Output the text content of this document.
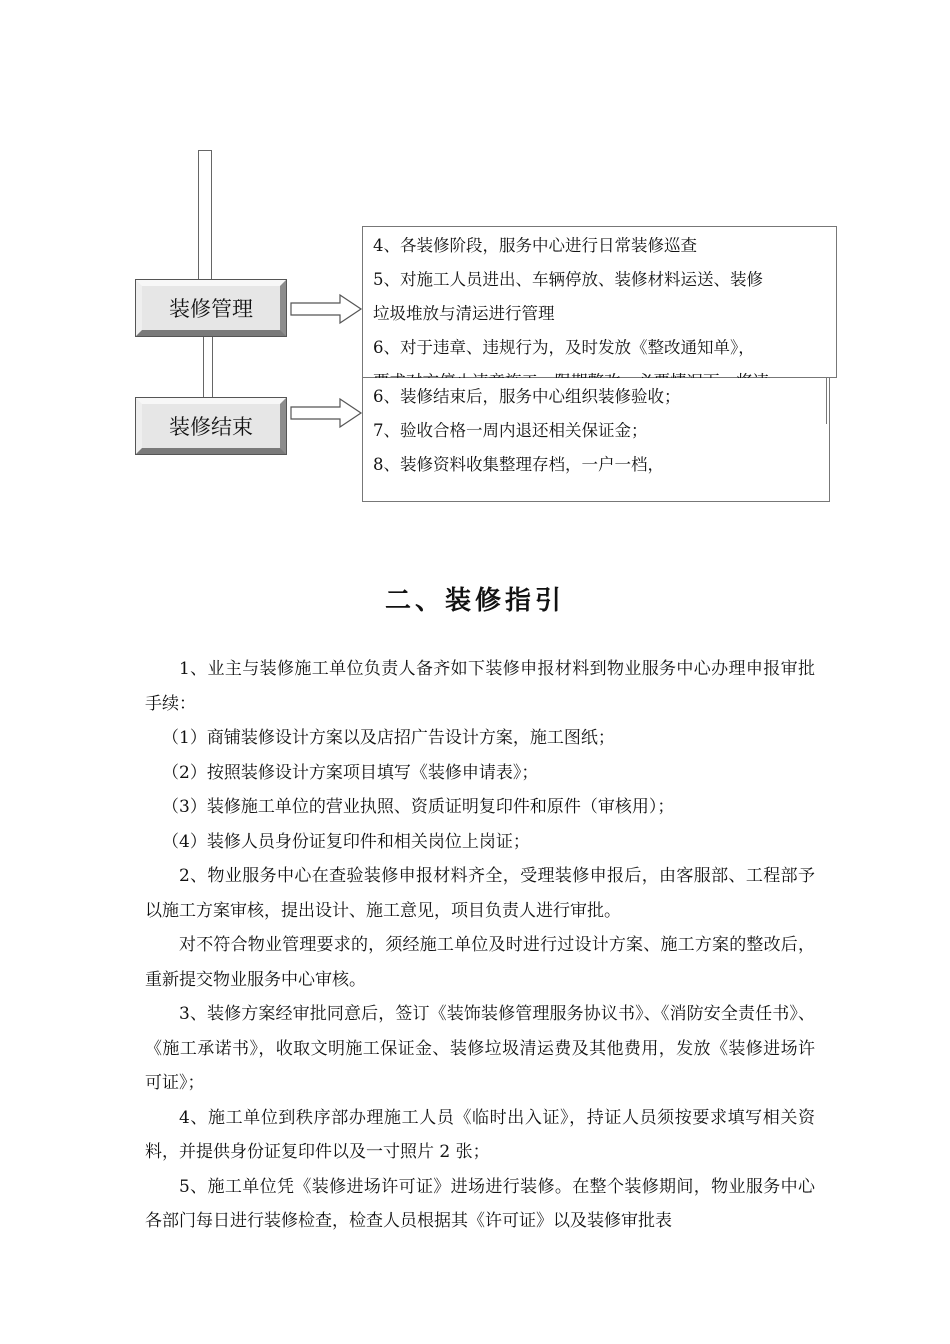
装修管理
装修结束
4、各装修阶段，服务中心进行日常装修巡查
5、对施工人员进出、车辆停放、装修材料运送、装修
垃圾堆放与清运进行管理
6、对于违章、违规行为，及时发放《整改通知单》，
6、装修结束后，服务中心组织装修验收；
7、验收合格一周内退还相关保证金；
8、装修资料收集整理存档，一户一档，
二、装修指引

1、业主与装修施工单位负责人备齐如下装修申报材料到物业服务中心办理申报审批手续：

（1）商铺装修设计方案以及店招广告设计方案，施工图纸；

（2）按照装修设计方案项目填写《装修申请表》；

（3）装修施工单位的营业执照、资质证明复印件和原件（审核用）；

（4）装修人员身份证复印件和相关岗位上岗证；

2、物业服务中心在查验装修申报材料齐全，受理装修申报后，由客服部、工程部予以施工方案审核，提出设计、施工意见，项目负责人进行审批。

对不符合物业管理要求的，须经施工单位及时进行过设计方案、施工方案的整改后，重新提交物业服务中心审核。

3、装修方案经审批同意后，签订《装饰装修管理服务协议书》、《消防安全责任书》、《施工承诺书》，收取文明施工保证金、装修垃圾清运费及其他费用，发放《装修进场许可证》；

4、施工单位到秩序部办理施工人员《临时出入证》，持证人员须按要求填写相关资料，并提供身份证复印件以及一寸照片 2 张；

5、施工单位凭《装修进场许可证》进场进行装修。在整个装修期间，物业服务中心各部门每日进行装修检查，检查人员根据其《许可证》以及装修审批表
